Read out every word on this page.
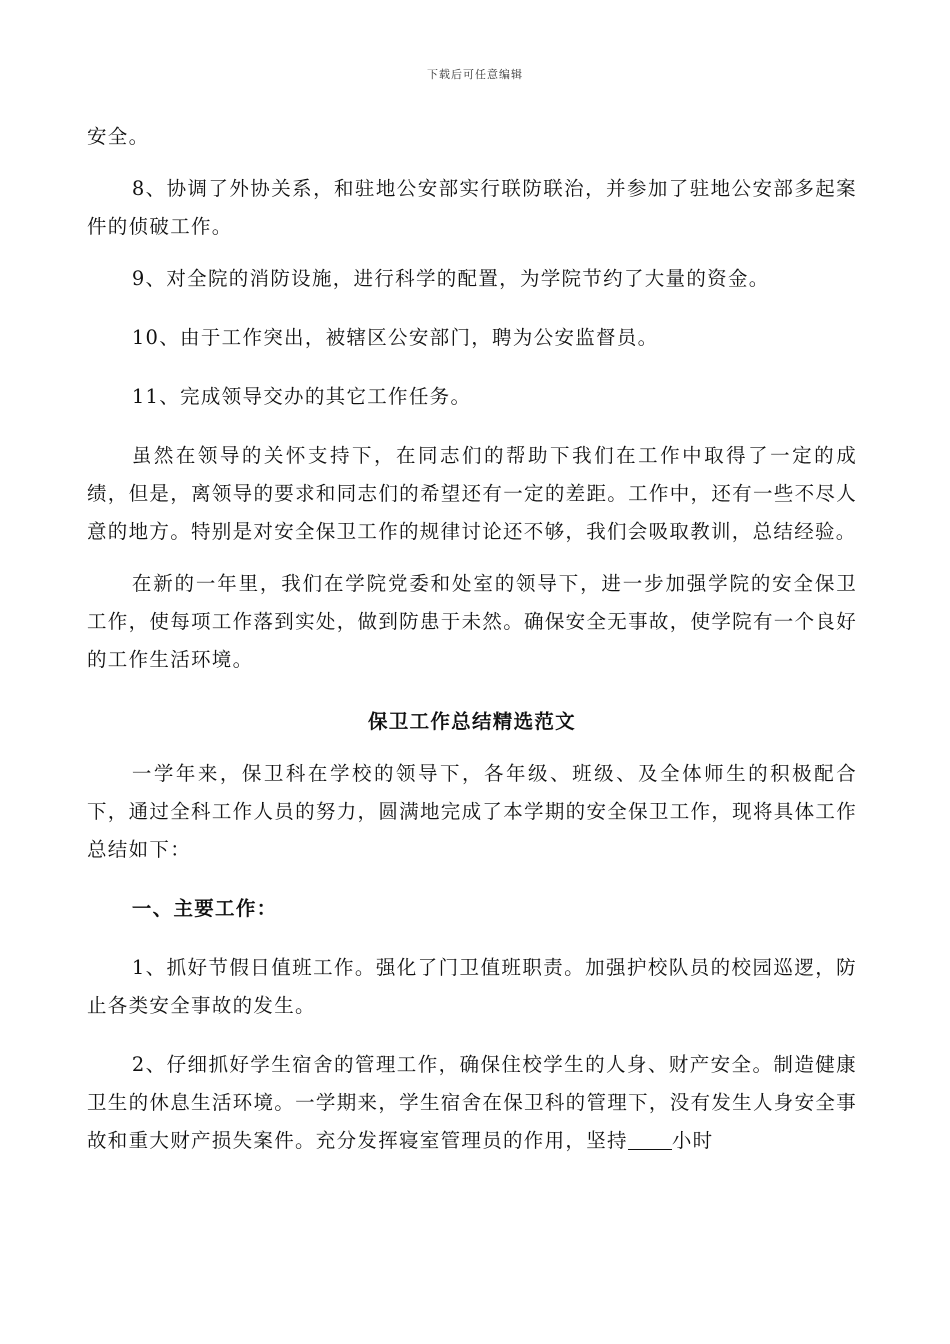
下载后可任意编辑

安全。

8、协调了外协关系，和驻地公安部实行联防联治，并参加了驻地公安部多起案件的侦破工作。

9、对全院的消防设施，进行科学的配置，为学院节约了大量的资金。

10、由于工作突出，被辖区公安部门，聘为公安监督员。

11、完成领导交办的其它工作任务。

虽然在领导的关怀支持下，在同志们的帮助下我们在工作中取得了一定的成绩，但是，离领导的要求和同志们的希望还有一定的差距。工作中，还有一些不尽人意的地方。特别是对安全保卫工作的规律讨论还不够，我们会吸取教训，总结经验。

在新的一年里，我们在学院党委和处室的领导下，进一步加强学院的安全保卫工作，使每项工作落到实处，做到防患于未然。确保安全无事故，使学院有一个良好的工作生活环境。

保卫工作总结精选范文

一学年来，保卫科在学校的领导下，各年级、班级、及全体师生的积极配合下，通过全科工作人员的努力，圆满地完成了本学期的安全保卫工作，现将具体工作总结如下：

一、主要工作：

1、抓好节假日值班工作。强化了门卫值班职责。加强护校队员的校园巡逻，防止各类安全事故的发生。

2、仔细抓好学生宿舍的管理工作，确保住校学生的人身、财产安全。制造健康卫生的休息生活环境。一学期来，学生宿舍在保卫科的管理下，没有发生人身安全事故和重大财产损失案件。充分发挥寝室管理员的作用，坚持 小时
